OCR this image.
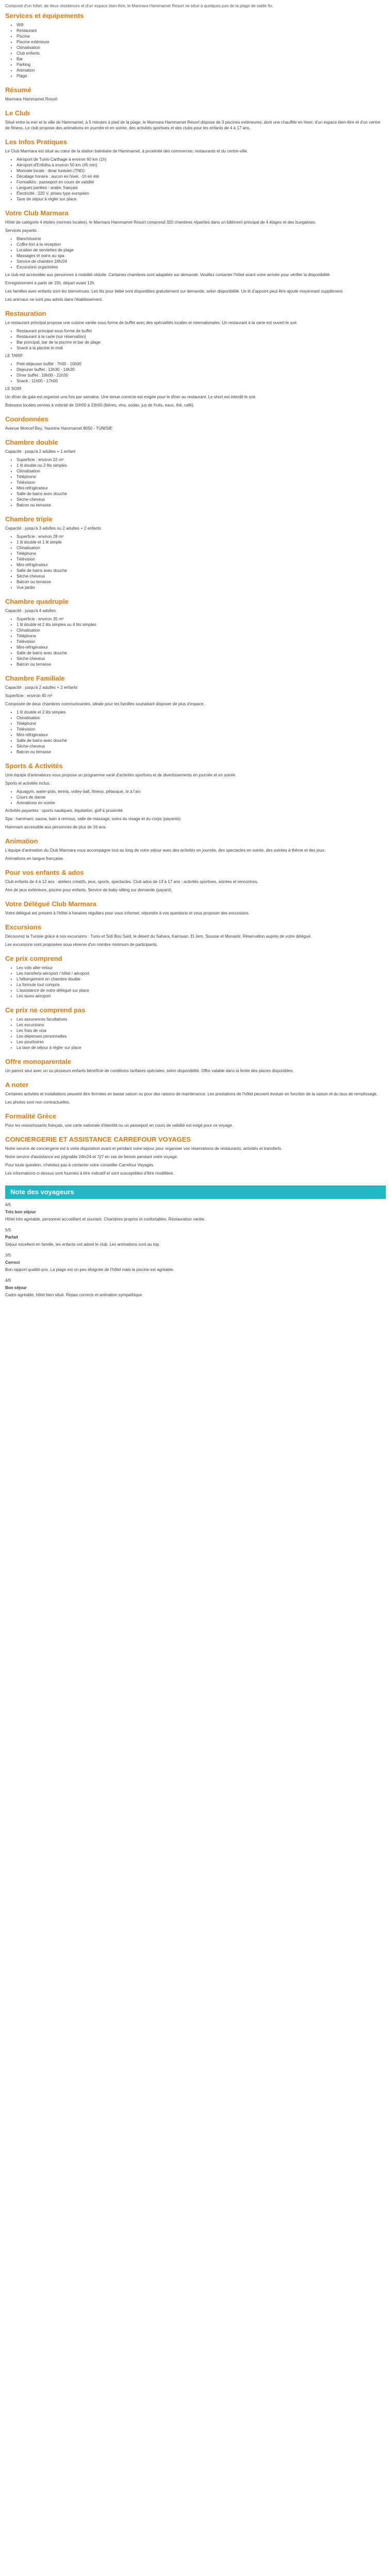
Composé d'un hôtel, de deux résidences et d'un espace bien-être, le Marmara Hammamet Resort se situe à quelques pas de la plage de sable fin.

Services et équipements
• Wifi
• Restaurant
• Piscine
• Piscine extérieure
• Climatisation
• Club enfants
• Bar
• Parking
• Animation
• Plage
Résumé

Marmara Hammamet Resort

Le Club

Situé entre la mer et la ville de Hammamet, à 5 minutes à pied de la plage, le Marmara Hammamet Resort dispose de 3 piscines extérieures, dont une chauffée en hiver, d'un espace bien-être et d'un centre de fitness. Le club propose des animations en journée et en soirée, des activités sportives et des clubs pour les enfants de 4 à 17 ans.

Les Infos Pratiques

Le Club Marmara est situé au cœur de la station balnéaire de Hammamet, à proximité des commerces, restaurants et du centre-ville.

• Aéroport de Tunis-Carthage à environ 60 km (1h)
• Aéroport d'Enfidha à environ 50 km (45 min)
• Monnaie locale : dinar tunisien (TND)
• Décalage horaire : aucun en hiver, -1h en été
• Formalités : passeport en cours de validité
• Langues parlées : arabe, français
• Électricité : 220 V, prises type européen
• Taxe de séjour à régler sur place
Votre Club Marmara

Hôtel de catégorie 4 étoiles (normes locales), le Marmara Hammamet Resort comprend 320 chambres réparties dans un bâtiment principal de 4 étages et des bungalows.

Services payants :

• Blanchisserie
• Coffre-fort à la réception
• Location de serviettes de plage
• Massages et soins au spa
• Service de chambre 24h/24
• Excursions organisées

Le club est accessible aux personnes à mobilité réduite. Certaines chambres sont adaptées sur demande. Veuillez contacter l'hôtel avant votre arrivée pour vérifier la disponibilité.

Enregistrement à partir de 15h, départ avant 12h.

Les familles avec enfants sont les bienvenues. Les lits pour bébé sont disponibles gratuitement sur demande, selon disponibilité. Un lit d'appoint peut être ajouté moyennant supplément.

Les animaux ne sont pas admis dans l'établissement.

Restauration

Le restaurant principal propose une cuisine variée sous forme de buffet avec des spécialités locales et internationales. Un restaurant à la carte est ouvert le soir.

• Restaurant principal sous forme de buffet
• Restaurant à la carte (sur réservation)
• Bar principal, bar de la piscine et bar de plage
• Snack à la piscine le midi

LE TARIF

• Petit-déjeuner buffet : 7h00 - 10h00
• Déjeuner buffet : 12h30 - 14h30
• Dîner buffet : 19h00 - 21h30
• Snack : 11h00 - 17h00

LE SOIR

Un dîner de gala est organisé une fois par semaine. Une tenue correcte est exigée pour le dîner au restaurant. Le short est interdit le soir.

Boissons locales servies à volonté de 10h00 à 23h00 (bières, vins, sodas, jus de fruits, eaux, thé, café).

Coordonnées

Avenue Moncef Bey, Yasmine Hammamet 8050 - TUNISIE

Chambre double

Capacité : jusqu'à 2 adultes + 1 enfant

• Superficie : environ 22 m²
• 1 lit double ou 2 lits simples
• Climatisation
• Téléphone
• Télévision
• Mini-réfrigérateur
• Salle de bains avec douche
• Sèche-cheveux
• Balcon ou terrasse
Chambre triple

Capacité : jusqu'à 3 adultes ou 2 adultes + 2 enfants

• Superficie : environ 28 m²
• 1 lit double et 1 lit simple
• Climatisation
• Téléphone
• Télévision
• Mini-réfrigérateur
• Salle de bains avec douche
• Sèche-cheveux
• Balcon ou terrasse
• Vue jardin
Chambre quadruple

Capacité : jusqu'à 4 adultes

• Superficie : environ 35 m²
• 1 lit double et 2 lits simples ou 4 lits simples
• Climatisation
• Téléphone
• Télévision
• Mini-réfrigérateur
• Salle de bains avec douche
• Sèche-cheveux
• Balcon ou terrasse
Chambre Familiale

Capacité : jusqu'à 2 adultes + 2 enfants

Superficie : environ 40 m²

Composée de deux chambres communicantes, idéale pour les familles souhaitant disposer de plus d'espace.

• 1 lit double et 2 lits simples
• Climatisation
• Téléphone
• Télévision
• Mini-réfrigérateur
• Salle de bains avec douche
• Sèche-cheveux
• Balcon ou terrasse
Sports & Activités

Une équipe d'animateurs vous propose un programme varié d'activités sportives et de divertissements en journée et en soirée.

Sports et activités inclus :

• Aquagym, water-polo, tennis, volley-ball, fitness, pétanque, tir à l'arc
• Cours de danse
• Animations en soirée

Activités payantes : sports nautiques, équitation, golf à proximité.

Spa : hammam, sauna, bain à remous, salle de massage, soins du visage et du corps (payants).

Hammam accessible aux personnes de plus de 16 ans.

Animation

L'équipe d'animation du Club Marmara vous accompagne tout au long de votre séjour avec des activités en journée, des spectacles en soirée, des soirées à thème et des jeux.

Animations en langue française.

Pour vos enfants & ados

Club enfants de 4 à 12 ans : ateliers créatifs, jeux, sports, spectacles. Club ados de 13 à 17 ans : activités sportives, soirées et rencontres.

Aire de jeux extérieure, piscine pour enfants. Service de baby-sitting sur demande (payant).

Votre Délégué Club Marmara

Votre délégué est présent à l'hôtel à horaires réguliers pour vous informer, répondre à vos questions et vous proposer des excursions.

Excursions

Découvrez la Tunisie grâce à nos excursions : Tunis et Sidi Bou Saïd, le désert du Sahara, Kairouan, El Jem, Sousse et Monastir. Réservation auprès de votre délégué.

Les excursions sont proposées sous réserve d'un nombre minimum de participants.

Ce prix comprend
• Les vols aller-retour
• Les transferts aéroport / hôtel / aéroport
• L'hébergement en chambre double
• La formule tout compris
• L'assistance de notre délégué sur place
• Les taxes aéroport
Ce prix ne comprend pas
• Les assurances facultatives
• Les excursions
• Les frais de visa
• Les dépenses personnelles
• Les pourboires
• La taxe de séjour à régler sur place
Offre monoparentale

Un parent seul avec un ou plusieurs enfants bénéficie de conditions tarifaires spéciales, selon disponibilité. Offre valable dans la limite des places disponibles.

A noter

Certaines activités et installations peuvent être fermées en basse saison ou pour des raisons de maintenance. Les prestations de l'hôtel peuvent évoluer en fonction de la saison et du taux de remplissage.

Les photos sont non contractuelles.

Formalité Grèce

Pour les ressortissants français, une carte nationale d'identité ou un passeport en cours de validité est exigé pour ce voyage.

CONCIERGERIE ET ASSISTANCE CARREFOUR VOYAGES

Notre service de conciergerie est à votre disposition avant et pendant votre séjour pour organiser vos réservations de restaurants, activités et transferts.

Notre service d'assistance est joignable 24h/24 et 7j/7 en cas de besoin pendant votre voyage.

Pour toute question, n'hésitez pas à contacter votre conseiller Carrefour Voyages.

Les informations ci-dessus sont fournies à titre indicatif et sont susceptibles d'être modifiées.

Note des voyageurs

4/5

Très bon séjour

Hôtel très agréable, personnel accueillant et souriant. Chambres propres et confortables. Restauration variée.

5/5

Parfait

Séjour excellent en famille, les enfants ont adoré le club. Les animations sont au top.

3/5

Correct

Bon rapport qualité-prix. La plage est un peu éloignée de l'hôtel mais la piscine est agréable.

4/5

Bon séjour

Cadre agréable, hôtel bien situé. Repas corrects et animation sympathique.
